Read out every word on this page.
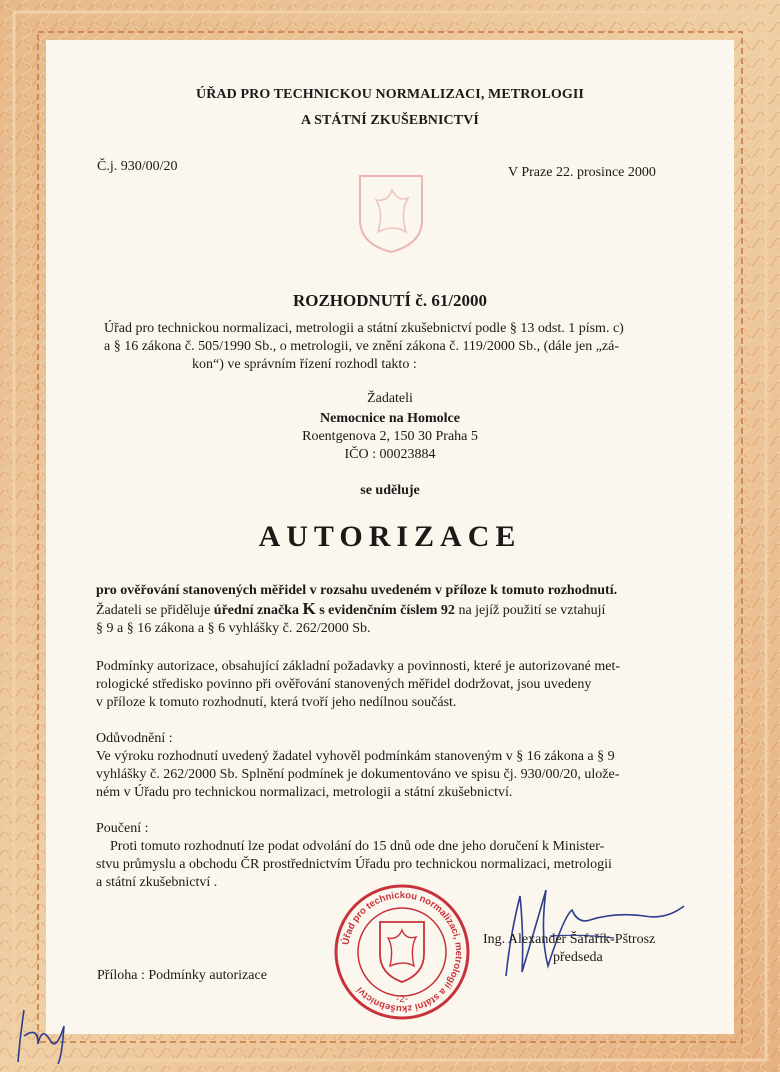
ÚŘAD PRO TECHNICKOU NORMALIZACI, METROLOGII
A STÁTNÍ ZKUŠEBNICTVÍ
Č.j. 930/00/20	V Praze 22. prosince 2000
ROZHODNUTÍ č. 61/2000
Úřad pro technickou normalizaci, metrologii a státní zkušebnictví podle § 13 odst. 1 písm. c)
a § 16 zákona č. 505/1990 Sb., o metrologii, ve znění zákona č. 119/2000 Sb., (dále jen „zá-
kon“) ve správním řízení rozhodl takto :
Žadateli
Nemocnice na Homolce
Roentgenova 2, 150 30 Praha 5
IČO : 00023884
se uděluje
AUTORIZACE
pro ověřování stanovených měřidel v rozsahu uvedeném v příloze k tomuto rozhodnutí.
Žadateli se přiděluje úřední značka K s evidenčním číslem 92 na jejíž použití se vztahují
§ 9 a § 16 zákona a § 6 vyhlášky č. 262/2000 Sb.
Podmínky autorizace, obsahující základní požadavky a povinnosti, které je autorizované met-
rologické středisko povinno při ověřování stanovených měřidel dodržovat, jsou uvedeny
v příloze k tomuto rozhodnutí, která tvoří jeho nedílnou součást.
Odůvodnění :
Ve výroku rozhodnutí uvedený žadatel vyhověl podmínkám stanoveným v § 16 zákona a § 9
vyhlášky č. 262/2000 Sb. Splnění podmínek je dokumentováno ve spisu čj. 930/00/20, ulože-
ném v Úřadu pro technickou normalizaci, metrologii a státní zkušebnictví.
Poučení :
Proti tomuto rozhodnutí lze podat odvolání do 15 dnů ode dne jeho doručení k Minister-
stvu průmyslu a obchodu ČR prostřednictvím Úřadu pro technickou normalizaci, metrologii
a státní zkušebnictví .
Úřad pro technickou normalizaci, metrologii a státní zkušebnictví
-2-
Ing. Alexander Šafařík-Pštrosz
předseda
Příloha : Podmínky autorizace
